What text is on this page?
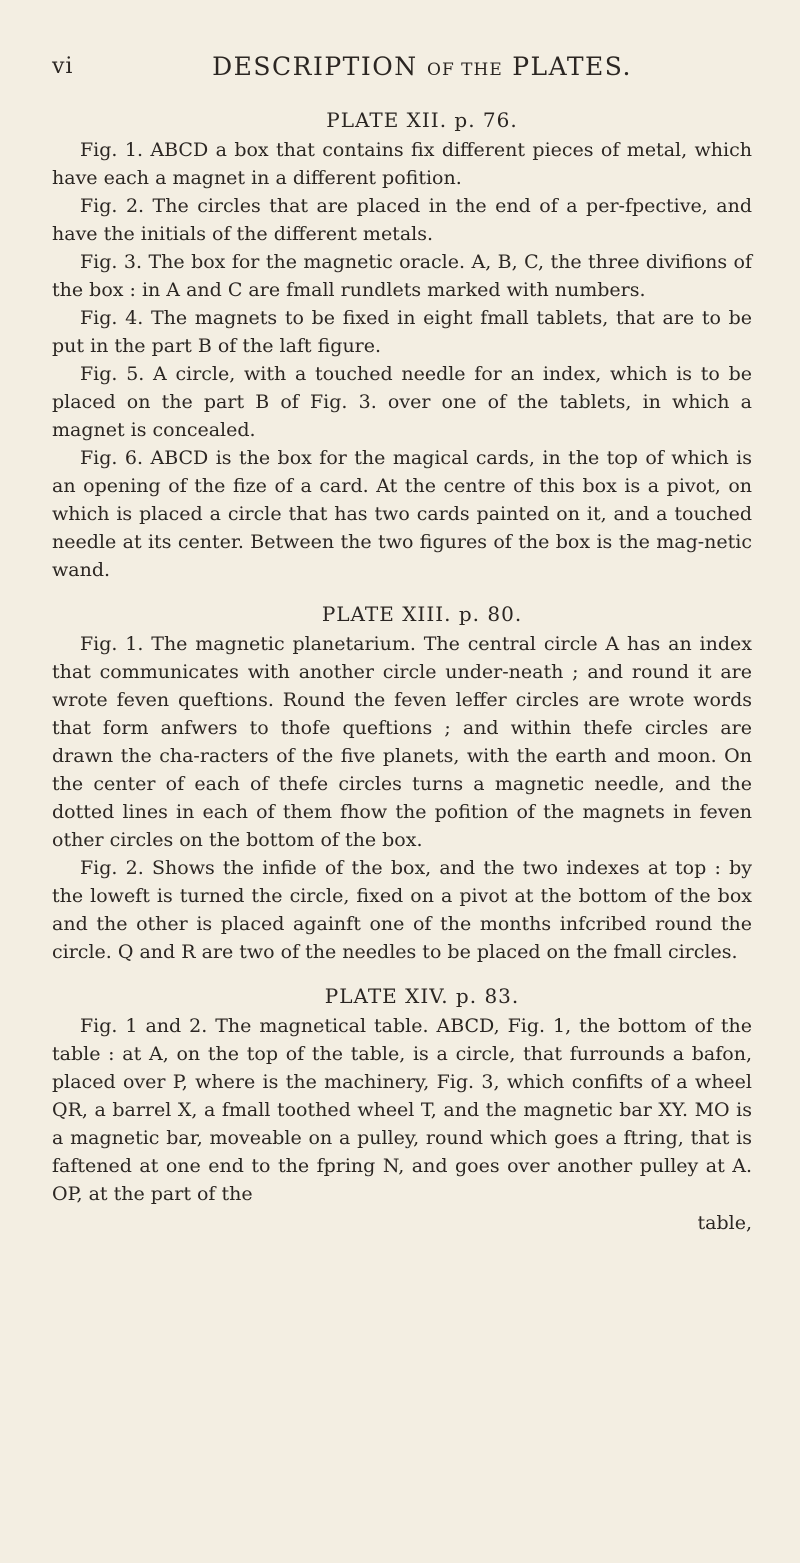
vi	DESCRIPTION OF THE PLATES.
PLATE XII. p. 76.

Fig. 1. ABCD a box that contains fix different pieces of metal, which have each a magnet in a different pofition.

Fig. 2. The circles that are placed in the end of a per-fpective, and have the initials of the different metals.

Fig. 3. The box for the magnetic oracle. A, B, C, the three divifions of the box : in A and C are fmall rundlets marked with numbers.

Fig. 4. The magnets to be fixed in eight fmall tablets, that are to be put in the part B of the laft figure.

Fig. 5. A circle, with a touched needle for an index, which is to be placed on the part B of Fig. 3. over one of the tablets, in which a magnet is concealed.

Fig. 6. ABCD is the box for the magical cards, in the top of which is an opening of the fize of a card. At the centre of this box is a pivot, on which is placed a circle that has two cards painted on it, and a touched needle at its center. Between the two figures of the box is the mag-netic wand.

PLATE XIII. p. 80.

Fig. 1. The magnetic planetarium. The central circle A has an index that communicates with another circle under-neath ; and round it are wrote feven queftions. Round the feven leffer circles are wrote words that form anfwers to thofe queftions ; and within thefe circles are drawn the cha-racters of the five planets, with the earth and moon. On the center of each of thefe circles turns a magnetic needle, and the dotted lines in each of them fhow the pofition of the magnets in feven other circles on the bottom of the box.

Fig. 2. Shows the infide of the box, and the two indexes at top : by the loweft is turned the circle, fixed on a pivot at the bottom of the box and the other is placed againft one of the months infcribed round the circle. Q and R are two of the needles to be placed on the fmall circles.

PLATE XIV. p. 83.

Fig. 1 and 2. The magnetical table. ABCD, Fig. 1, the bottom of the table : at A, on the top of the table, is a circle, that furrounds a bafon, placed over P, where is the machinery, Fig. 3, which confifts of a wheel QR, a barrel X, a fmall toothed wheel T, and the magnetic bar XY. MO is a magnetic bar, moveable on a pulley, round which goes a ftring, that is faftened at one end to the fpring N, and goes over another pulley at A. OP, at the part of the

table,
